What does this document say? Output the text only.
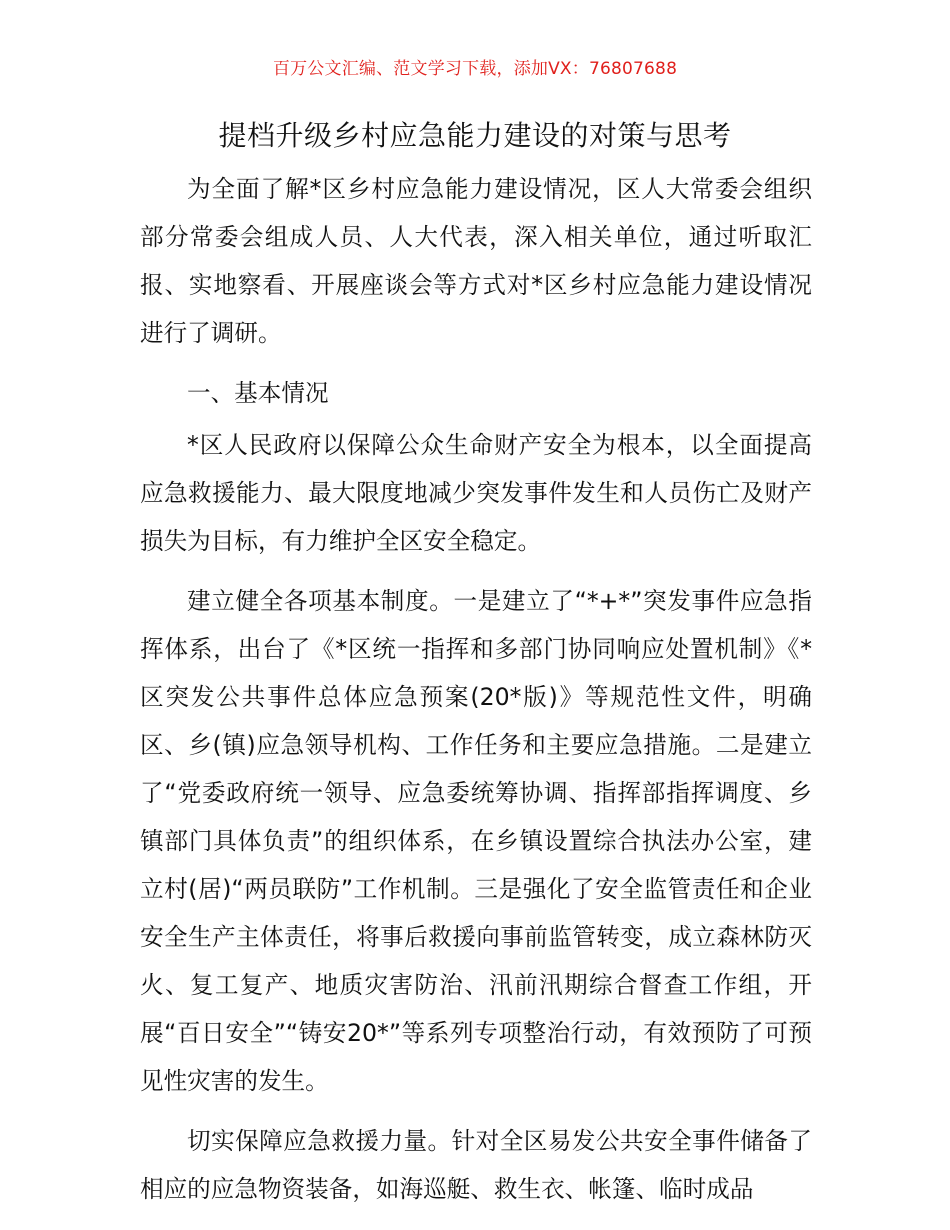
百万公文汇编、范文学习下载，添加VX：76807688
提档升级乡村应急能力建设的对策与思考

为全面了解*区乡村应急能力建设情况，区人大常委会组织部分常委会组成人员、人大代表，深入相关单位，通过听取汇报、实地察看、开展座谈会等方式对*区乡村应急能力建设情况进行了调研。

一、基本情况

*区人民政府以保障公众生命财产安全为根本，以全面提高应急救援能力、最大限度地减少突发事件发生和人员伤亡及财产损失为目标，有力维护全区安全稳定。

建立健全各项基本制度。一是建立了“*+*”突发事件应急指挥体系，出台了《*区统一指挥和多部门协同响应处置机制》《*区突发公共事件总体应急预案(20*版)》等规范性文件，明确区、乡(镇)应急领导机构、工作任务和主要应急措施。二是建立了“党委政府统一领导、应急委统筹协调、指挥部指挥调度、乡镇部门具体负责”的组织体系，在乡镇设置综合执法办公室，建立村(居)“两员联防”工作机制。三是强化了安全监管责任和企业安全生产主体责任，将事后救援向事前监管转变，成立森林防灭火、复工复产、地质灾害防治、汛前汛期综合督查工作组，开展“百日安全”“铸安20*”等系列专项整治行动，有效预防了可预见性灾害的发生。

切实保障应急救援力量。针对全区易发公共安全事件储备了相应的应急物资装备，如海巡艇、救生衣、帐篷、临时成品
